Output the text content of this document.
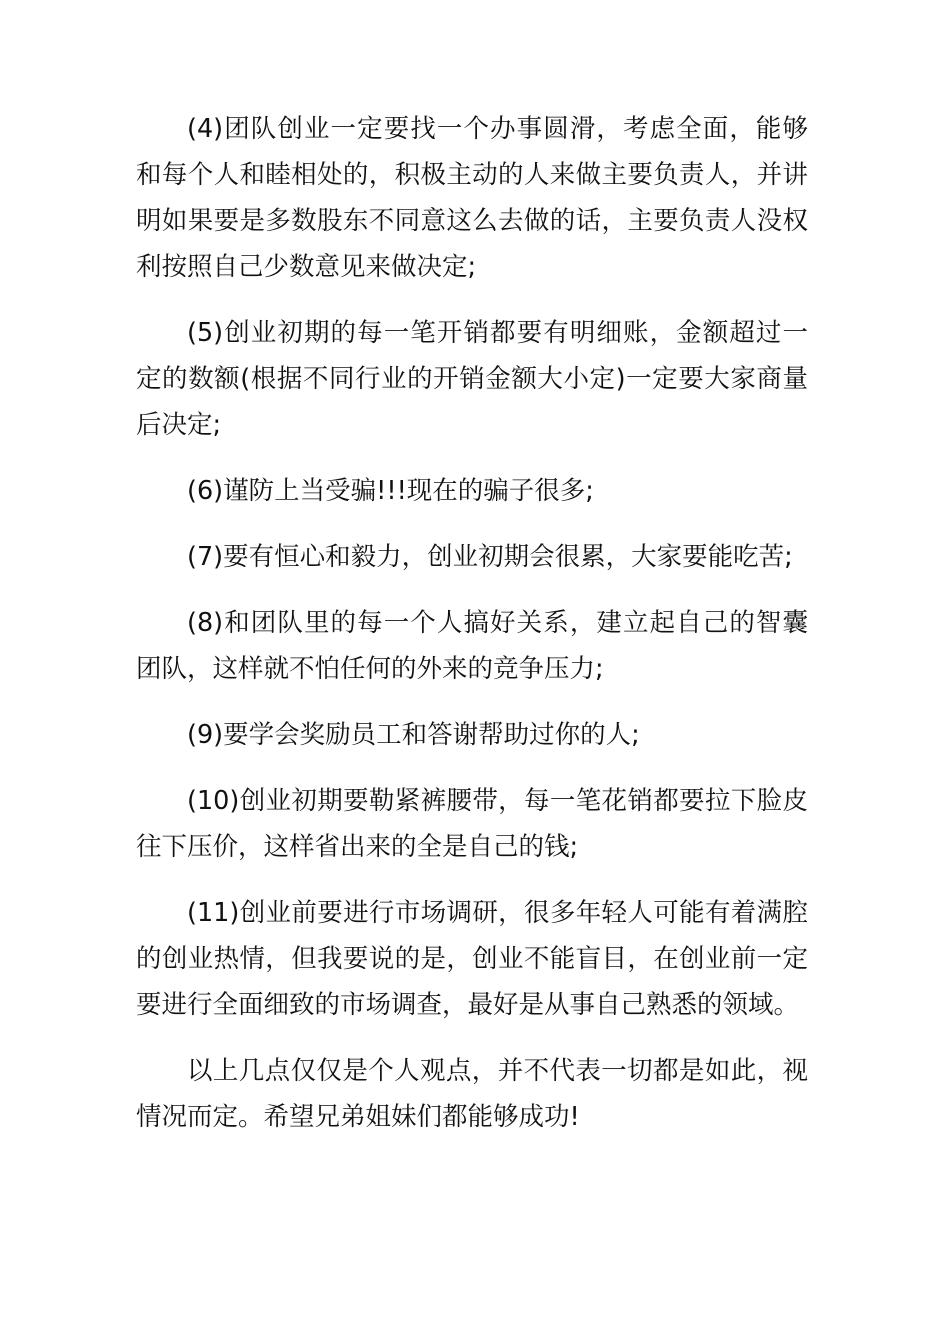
(4)团队创业一定要找一个办事圆滑，考虑全面，能够和每个人和睦相处的，积极主动的人来做主要负责人，并讲明如果要是多数股东不同意这么去做的话，主要负责人没权利按照自己少数意见来做决定;

(5)创业初期的每一笔开销都要有明细账，金额超过一定的数额(根据不同行业的开销金额大小定)一定要大家商量后决定;

(6)谨防上当受骗!!!现在的骗子很多;

(7)要有恒心和毅力，创业初期会很累，大家要能吃苦;

(8)和团队里的每一个人搞好关系，建立起自己的智囊团队，这样就不怕任何的外来的竞争压力;

(9)要学会奖励员工和答谢帮助过你的人;

(10)创业初期要勒紧裤腰带，每一笔花销都要拉下脸皮往下压价，这样省出来的全是自己的钱;

(11)创业前要进行市场调研，很多年轻人可能有着满腔的创业热情，但我要说的是，创业不能盲目，在创业前一定要进行全面细致的市场调查，最好是从事自己熟悉的领域。

以上几点仅仅是个人观点，并不代表一切都是如此，视情况而定。希望兄弟姐妹们都能够成功!
